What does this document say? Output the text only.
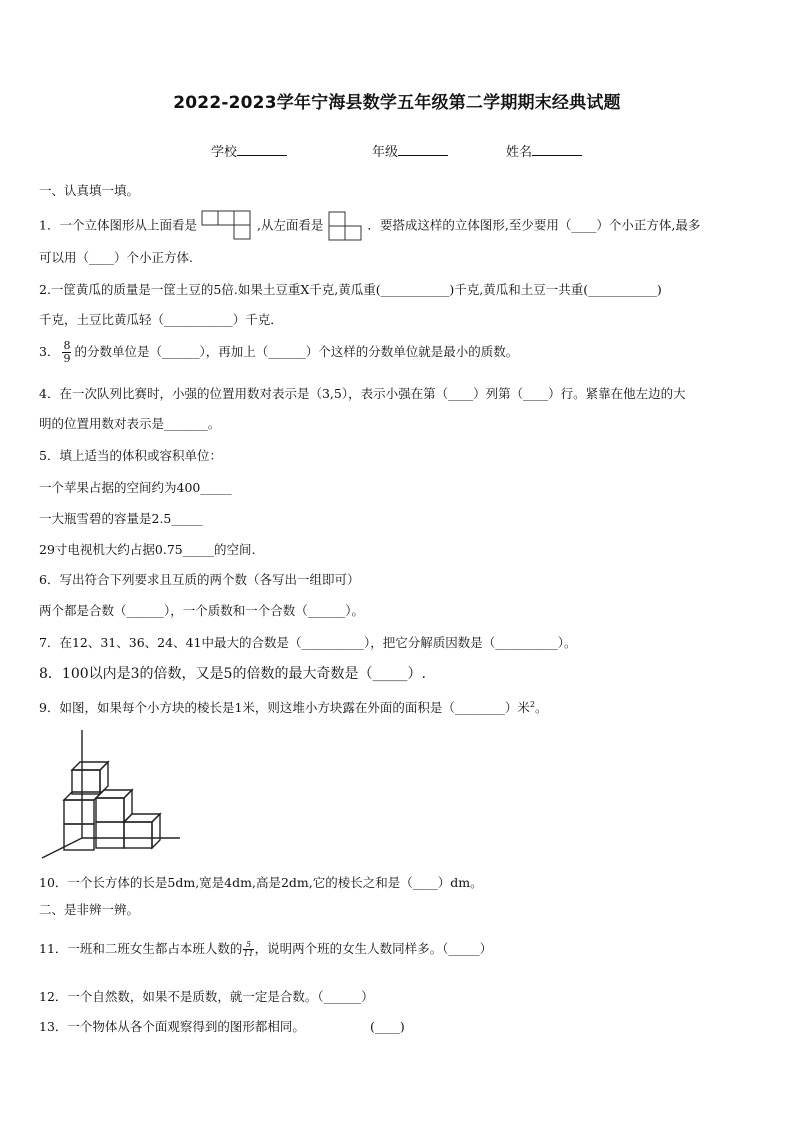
2022-2023学年宁海县数学五年级第二学期期末经典试题
学校	年级	姓名
一、认真填一填。
1．一个立体图形从上面看是	,从左面看是	．要搭成这样的立体图形,至少要用（____）个小正方体,最多
可以用（____）个小正方体.
2.一筐黄瓜的质量是一筐土豆的5倍.如果土豆重X千克,黄瓜重(___________)千克,黄瓜和土豆一共重(___________)
千克，土豆比黄瓜轻（___________）千克．
3． $\frac{8}{9}$ 的分数单位是（______），再加上（______）个这样的分数单位就是最小的质数。
4．在一次队列比赛时，小强的位置用数对表示是（3,5），表示小强在第（____）列第（____）行。紧靠在他左边的大
明的位置用数对表示是_______。
5．填上适当的体积或容积单位：
一个苹果占据的空间约为400_____
一大瓶雪碧的容量是2.5_____
29寸电视机大约占据0.75_____的空间.
6．写出符合下列要求且互质的两个数（各写出一组即可）
两个都是合数（______），一个质数和一个合数（______）。
7．在12、31、36、24、41中最大的合数是（__________），把它分解质因数是（__________）。
8．100以内是3的倍数，又是5的倍数的最大奇数是（_____）.
9．如图，如果每个小方块的棱长是1米，则这堆小方块露在外面的面积是（________）米$^2$。
10．一个长方体的长是5dm,宽是4dm,高是2dm,它的棱长之和是（____）dm。
二、是非辨一辨。
11．一班和二班女生都占本班人数的 $\frac{5}{11}$ ，说明两个班的女生人数同样多。（_____）
12．一个自然数，如果不是质数，就一定是合数。（______）
13．一个物体从各个面观察得到的图形都相同。	(____)
